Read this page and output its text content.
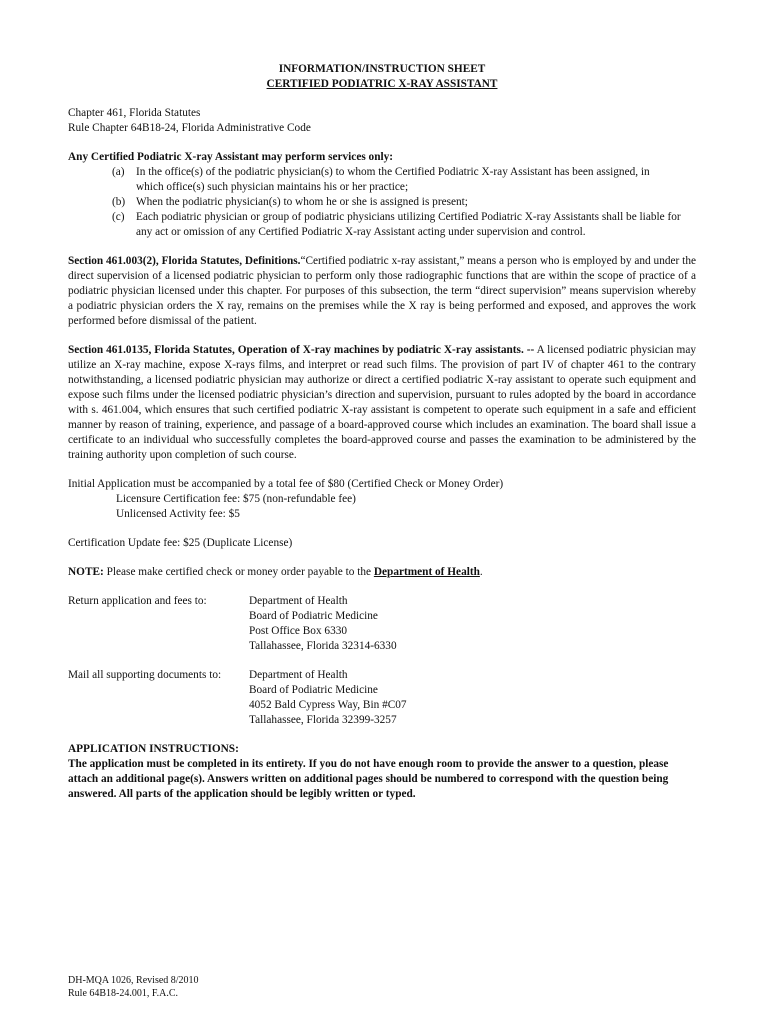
INFORMATION/INSTRUCTION SHEET
CERTIFIED PODIATRIC X-RAY ASSISTANT
Chapter 461, Florida Statutes
Rule Chapter 64B18-24, Florida Administrative Code
Any Certified Podiatric X-ray Assistant may perform services only:
(a)	In the office(s) of the podiatric physician(s) to whom the Certified Podiatric X-ray Assistant has been assigned, in
which office(s) such physician maintains his or her practice;
(b) When the podiatric physician(s) to whom he or she is assigned is present;
(c)	Each podiatric physician or group of podiatric physicians utilizing Certified Podiatric X-ray Assistants shall be liable for any act or omission of any Certified Podiatric X-ray Assistant acting under supervision and control.
Section 461.003(2), Florida Statutes, Definitions.“Certified podiatric x-ray assistant,” means a person who is employed by and under the direct supervision of a licensed podiatric physician to perform only those radiographic functions that are within the scope of practice of a podiatric physician licensed under this chapter. For purposes of this subsection, the term “direct supervision” means supervision whereby a podiatric physician orders the X ray, remains on the premises while the X ray is being performed and exposed, and approves the work performed before dismissal of the patient.
Section 461.0135, Florida Statutes, Operation of X-ray machines by podiatric X-ray assistants. -- A licensed podiatric physician may utilize an X-ray machine, expose X-rays films, and interpret or read such films. The provision of part IV of chapter 461 to the contrary notwithstanding, a licensed podiatric physician may authorize or direct a certified podiatric X-ray assistant to operate such equipment and expose such films under the licensed podiatric physician’s direction and supervision, pursuant to rules adopted by the board in accordance with s. 461.004, which ensures that such certified podiatric X-ray assistant is competent to operate such equipment in a safe and efficient manner by reason of training, experience, and passage of a board-approved course which includes an examination. The board shall issue a certificate to an individual who successfully completes the board-approved course and passes the examination to be administered by the training authority upon completion of such course.
Initial Application must be accompanied by a total fee of $80 (Certified Check or Money Order)
Licensure Certification fee: $75 (non-refundable fee)
Unlicensed Activity fee: $5
Certification Update fee: $25 (Duplicate License)
NOTE: Please make certified check or money order payable to the Department of Health.
Return application and fees to:	Department of Health
Board of Podiatric Medicine
Post Office Box 6330
Tallahassee, Florida 32314-6330
Mail all supporting documents to:	Department of Health
Board of Podiatric Medicine
4052 Bald Cypress Way, Bin #C07
Tallahassee, Florida 32399-3257
APPLICATION INSTRUCTIONS:
The application must be completed in its entirety. If you do not have enough room to provide the answer to a question, please attach an additional page(s). Answers written on additional pages should be numbered to correspond with the question being answered. All parts of the application should be legibly written or typed.
DH-MQA 1026, Revised 8/2010
Rule 64B18-24.001, F.A.C.
